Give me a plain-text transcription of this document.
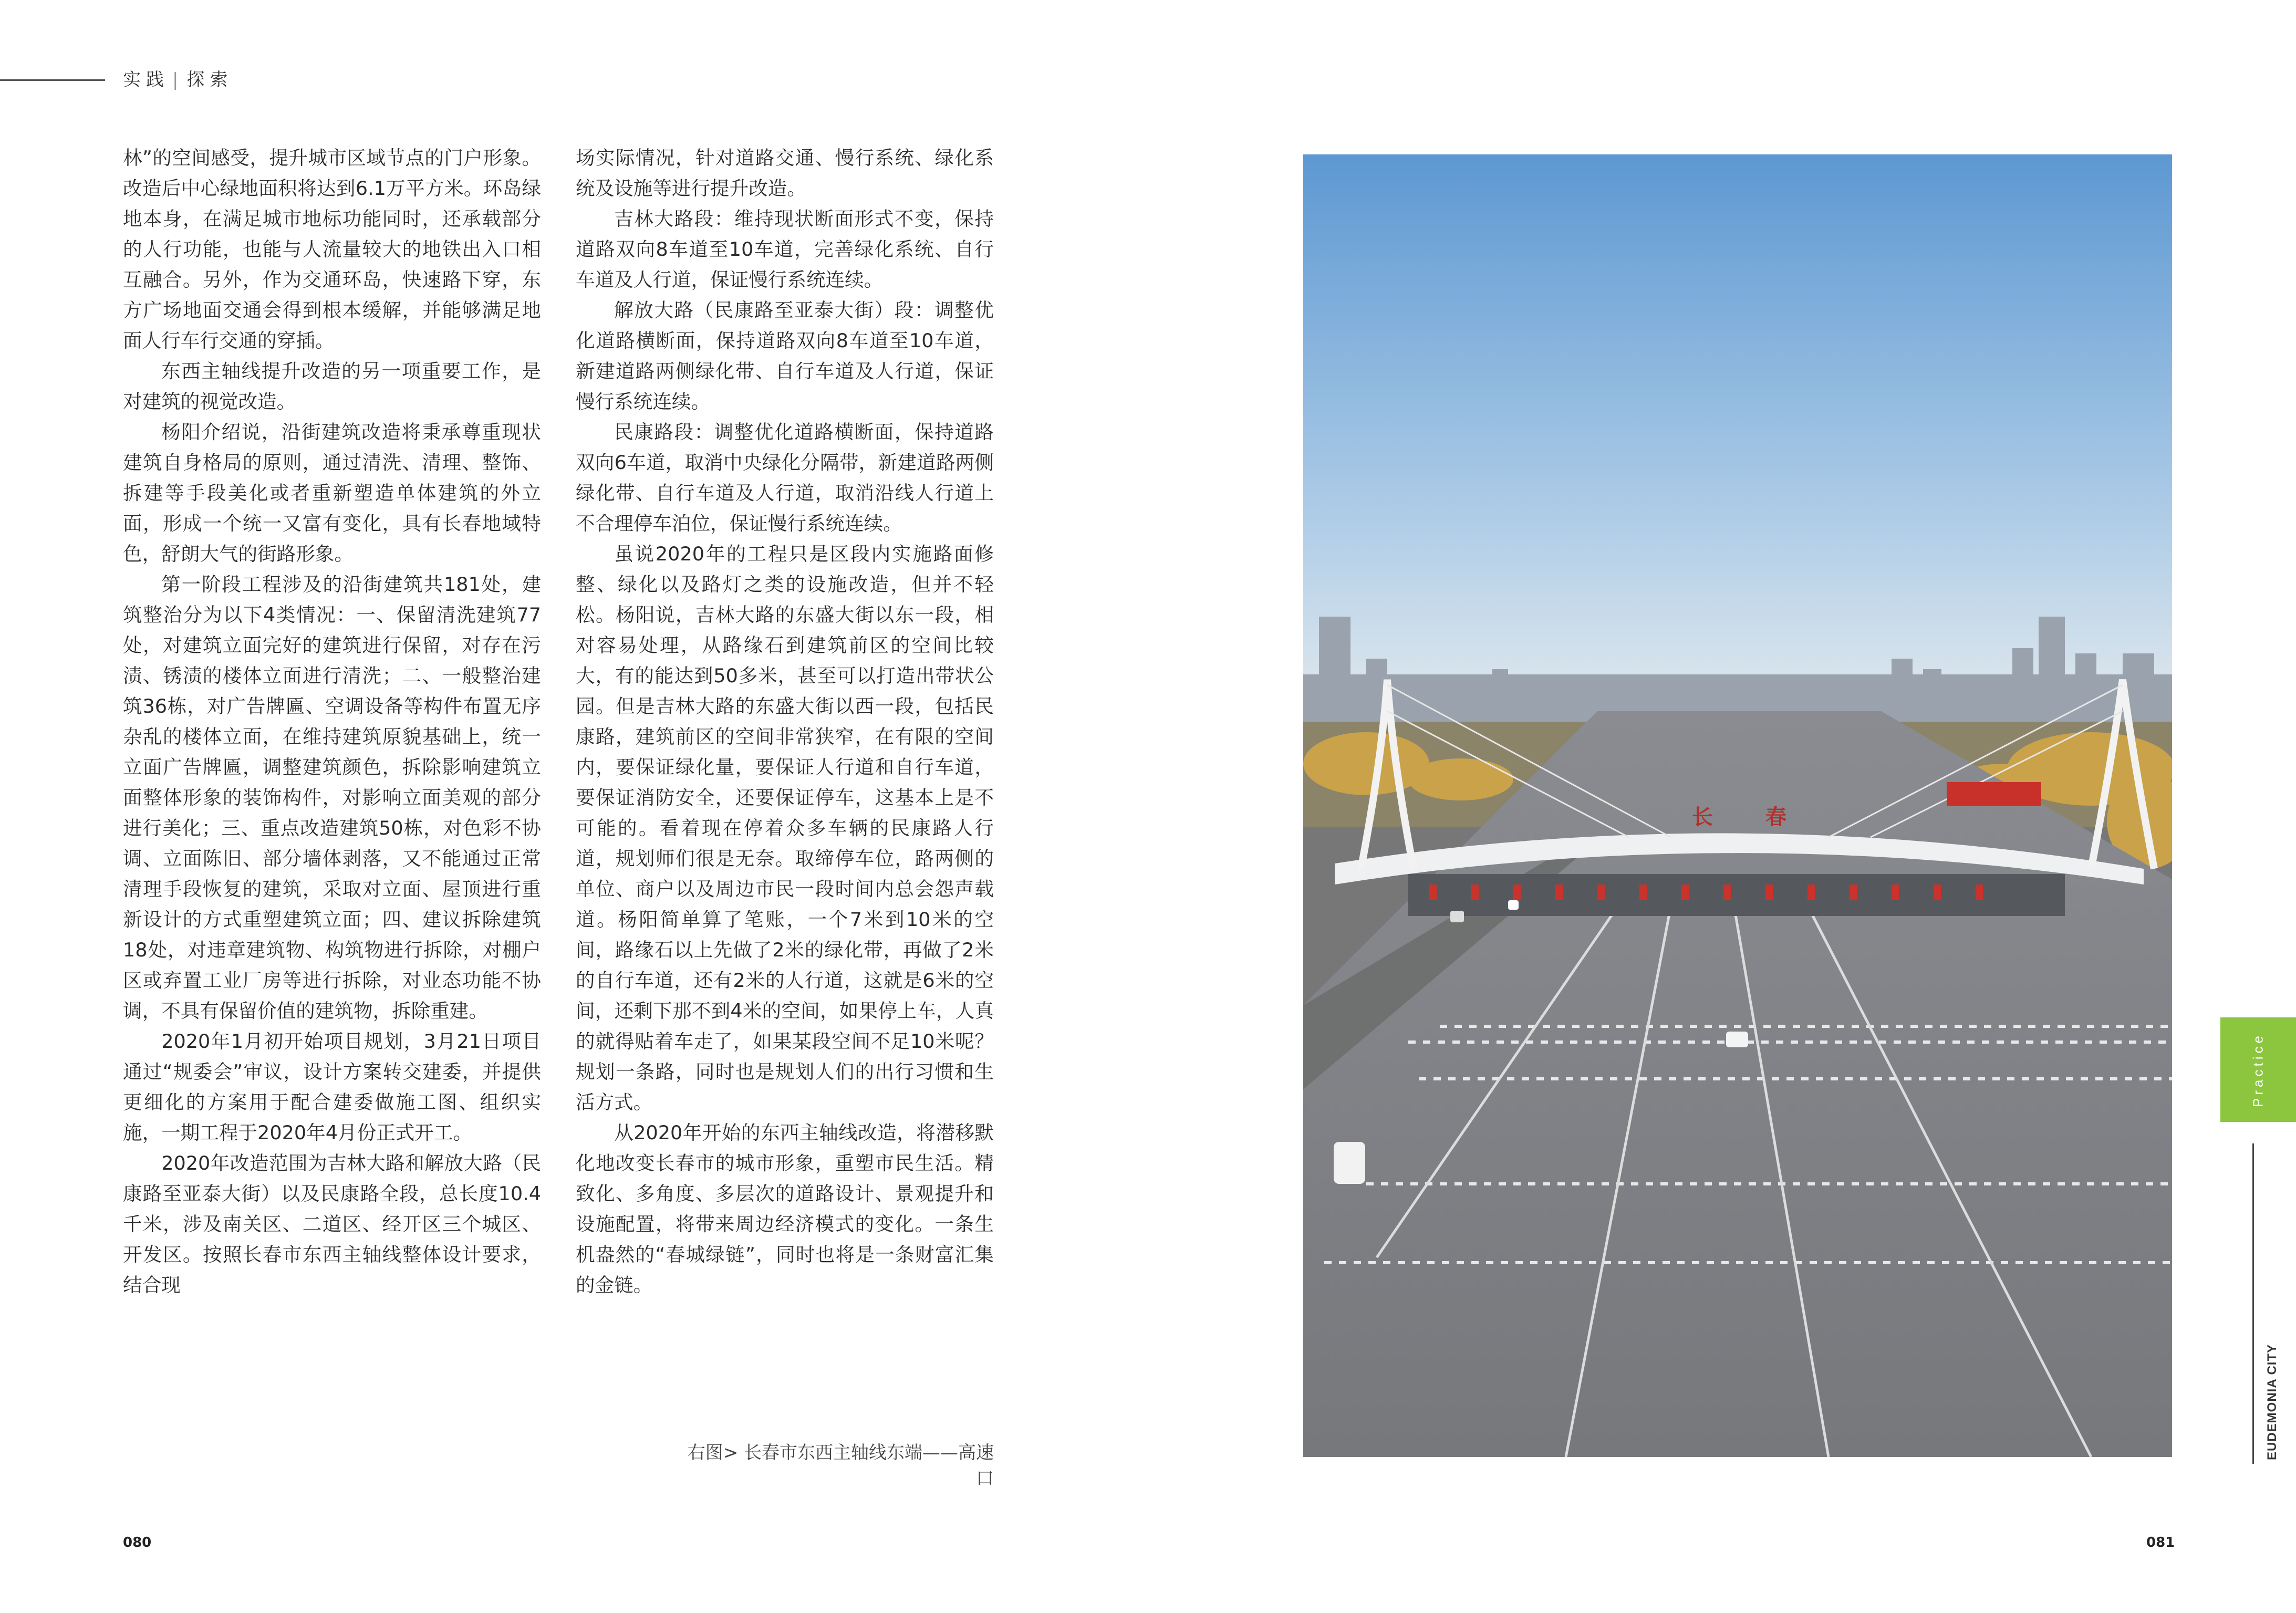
实践 | 探索

林”的空间感受，提升城市区域节点的门户形象。改造后中心绿地面积将达到6.1万平方米。环岛绿地本身，在满足城市地标功能同时，还承载部分的人行功能，也能与人流量较大的地铁出入口相互融合。另外，作为交通环岛，快速路下穿，东方广场地面交通会得到根本缓解，并能够满足地面人行车行交通的穿插。

东西主轴线提升改造的另一项重要工作，是对建筑的视觉改造。

杨阳介绍说，沿街建筑改造将秉承尊重现状建筑自身格局的原则，通过清洗、清理、整饰、拆建等手段美化或者重新塑造单体建筑的外立面，形成一个统一又富有变化，具有长春地域特色，舒朗大气的街路形象。

第一阶段工程涉及的沿街建筑共181处，建筑整治分为以下4类情况：一、保留清洗建筑77处，对建筑立面完好的建筑进行保留，对存在污渍、锈渍的楼体立面进行清洗；二、一般整治建筑36栋，对广告牌匾、空调设备等构件布置无序杂乱的楼体立面，在维持建筑原貌基础上，统一立面广告牌匾，调整建筑颜色，拆除影响建筑立面整体形象的装饰构件，对影响立面美观的部分进行美化；三、重点改造建筑50栋，对色彩不协调、立面陈旧、部分墙体剥落，又不能通过正常清理手段恢复的建筑，采取对立面、屋顶进行重新设计的方式重塑建筑立面；四、建议拆除建筑18处，对违章建筑物、构筑物进行拆除，对棚户区或弃置工业厂房等进行拆除，对业态功能不协调，不具有保留价值的建筑物，拆除重建。

2020年1月初开始项目规划，3月21日项目通过“规委会”审议，设计方案转交建委，并提供更细化的方案用于配合建委做施工图、组织实施，一期工程于2020年4月份正式开工。

2020年改造范围为吉林大路和解放大路（民康路至亚泰大街）以及民康路全段，总长度10.4千米，涉及南关区、二道区、经开区三个城区、开发区。按照长春市东西主轴线整体设计要求，结合现

场实际情况，针对道路交通、慢行系统、绿化系统及设施等进行提升改造。

吉林大路段：维持现状断面形式不变，保持道路双向8车道至10车道，完善绿化系统、自行车道及人行道，保证慢行系统连续。

解放大路（民康路至亚泰大街）段：调整优化道路横断面，保持道路双向8车道至10车道，新建道路两侧绿化带、自行车道及人行道，保证慢行系统连续。

民康路段：调整优化道路横断面，保持道路双向6车道，取消中央绿化分隔带，新建道路两侧绿化带、自行车道及人行道，取消沿线人行道上不合理停车泊位，保证慢行系统连续。

虽说2020年的工程只是区段内实施路面修整、绿化以及路灯之类的设施改造，但并不轻松。杨阳说，吉林大路的东盛大街以东一段，相对容易处理，从路缘石到建筑前区的空间比较大，有的能达到50多米，甚至可以打造出带状公园。但是吉林大路的东盛大街以西一段，包括民康路，建筑前区的空间非常狭窄，在有限的空间内，要保证绿化量，要保证人行道和自行车道，要保证消防安全，还要保证停车，这基本上是不可能的。看着现在停着众多车辆的民康路人行道，规划师们很是无奈。取缔停车位，路两侧的单位、商户以及周边市民一段时间内总会怨声载道。杨阳简单算了笔账，一个7米到10米的空间，路缘石以上先做了2米的绿化带，再做了2米的自行车道，还有2米的人行道，这就是6米的空间，还剩下那不到4米的空间，如果停上车，人真的就得贴着车走了，如果某段空间不足10米呢？规划一条路，同时也是规划人们的出行习惯和生活方式。

从2020年开始的东西主轴线改造，将潜移默化地改变长春市的城市形象，重塑市民生活。精致化、多角度、多层次的道路设计、景观提升和设施配置，将带来周边经济模式的变化。一条生机盎然的“春城绿链”，同时也将是一条财富汇集的金链。

右图> 长春市东西主轴线东端——高速口
长	春
Practice
EUDEMONIA CITY
080	081
